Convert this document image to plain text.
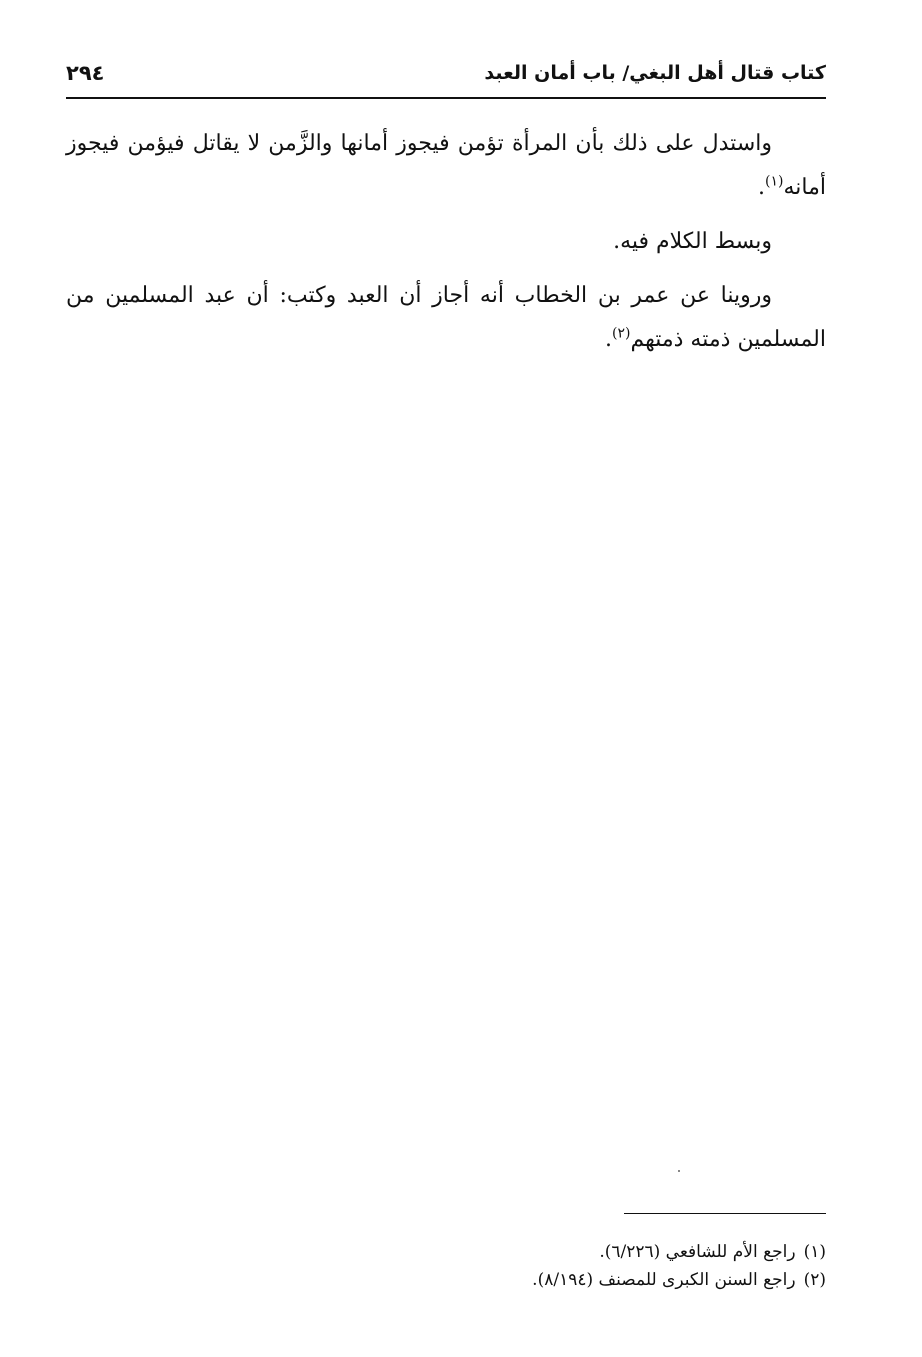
كتاب قتال أهل البغي/ باب أمان العبد
٢٩٤

واستدل على ذلك بأن المرأة تؤمن فيجوز أمانها والزَّمن لا يقاتل فيؤمن فيجوز أمانه$^{(١)}$.

وبسط الكلام فيه.

وروينا عن عمر بن الخطاب أنه أجاز أن العبد وكتب: أن عبد المسلمين من المسلمين ذمته ذمتهم$^{(٢)}$.

(١)راجع الأم للشافعي (٦/٢٢٦).
(٢)راجع السنن الكبرى للمصنف (٨/١٩٤).
